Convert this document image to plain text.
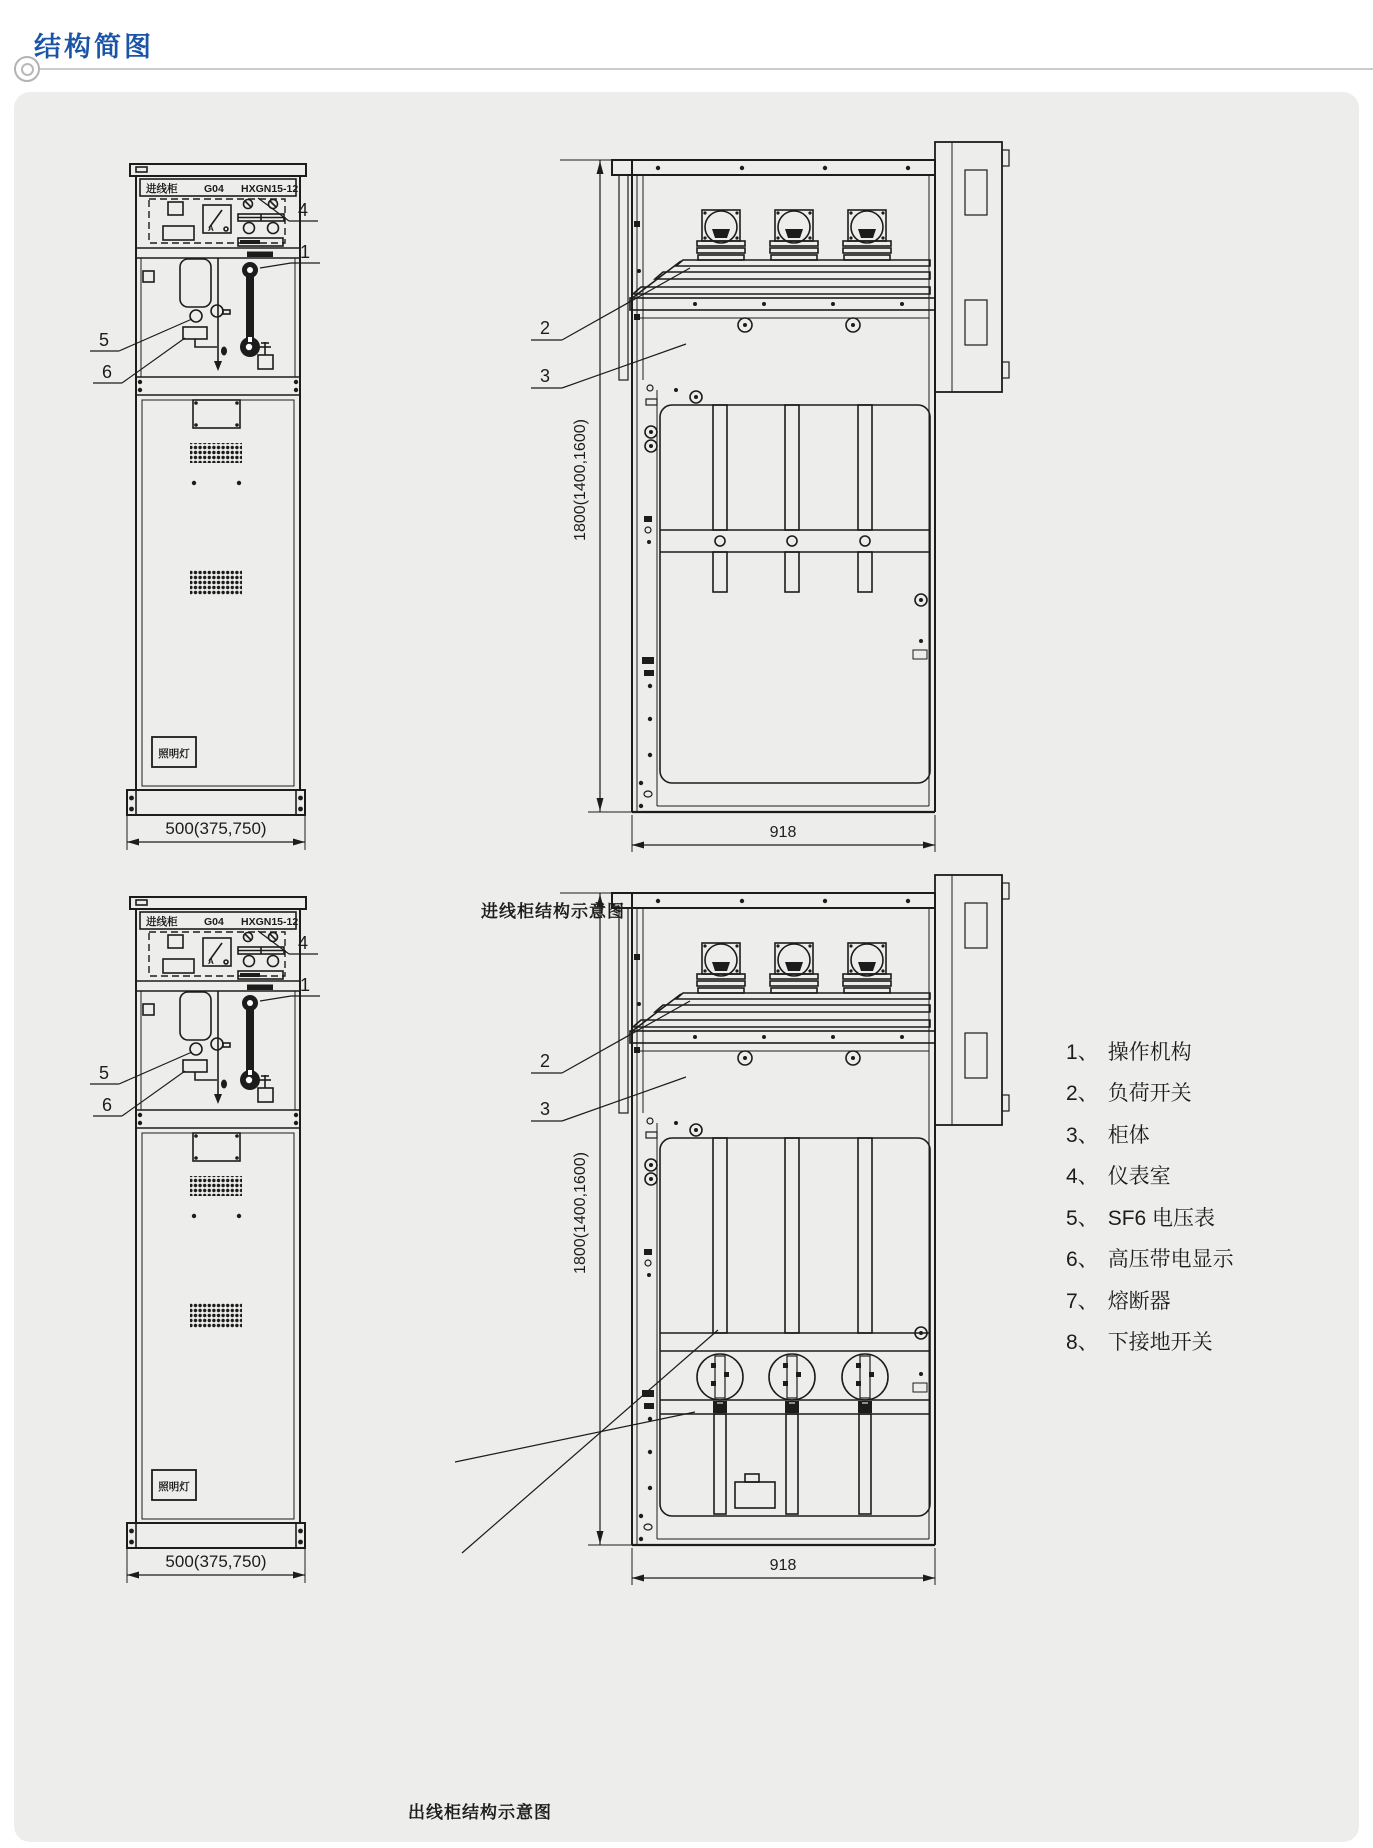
结构简图
进线柜	G04 HXGN15-12
A
照明灯
500(375,750)
4
1
5
6
1800(1400,1600)
918
2
3
进线柜结构示意图
出线柜结构示意图
1、 操作机构
2、 负荷开关
3、 柜体
4、 仪表室
5、 SF6 电压表
6、 高压带电显示
7、 熔断器
8、 下接地开关
